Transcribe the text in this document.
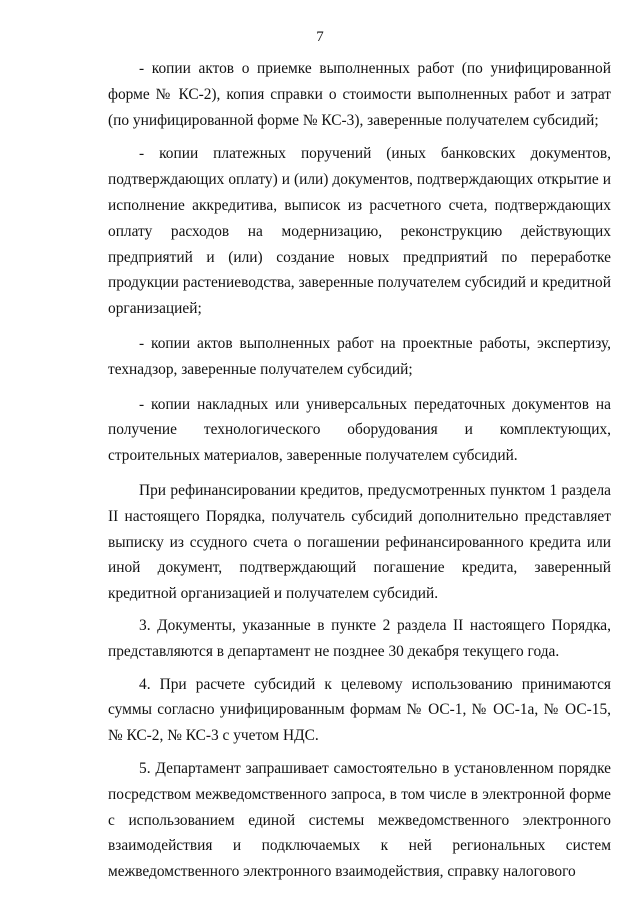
7

- копии актов о приемке выполненных работ (по унифицированной форме № КС-2), копия справки о стоимости выполненных работ и затрат (по унифицированной форме № КС-3), заверенные получателем субсидий;

- копии платежных поручений (иных банковских документов, подтверждающих оплату) и (или) документов, подтверждающих открытие и исполнение аккредитива, выписок из расчетного счета, подтверждающих оплату расходов на модернизацию, реконструкцию действующих предприятий и (или) создание новых предприятий по переработке продукции растениеводства, заверенные получателем субсидий и кредитной организацией;

- копии актов выполненных работ на проектные работы, экспертизу, технадзор, заверенные получателем субсидий;

- копии накладных или универсальных передаточных документов на получение технологического оборудования и комплектующих, строительных материалов, заверенные получателем субсидий.

При рефинансировании кредитов, предусмотренных пунктом 1 раздела II настоящего Порядка, получатель субсидий дополнительно представляет выписку из ссудного счета о погашении рефинансированного кредита или иной документ, подтверждающий погашение кредита, заверенный кредитной организацией и получателем субсидий.

3. Документы, указанные в пункте 2 раздела II настоящего Порядка, представляются в департамент не позднее 30 декабря текущего года.

4. При расчете субсидий к целевому использованию принимаются суммы согласно унифицированным формам № ОС-1, № ОС-1а, № ОС-15, № КС-2, № КС-3 с учетом НДС.

5. Департамент запрашивает самостоятельно в установленном порядке посредством межведомственного запроса, в том числе в электронной форме с использованием единой системы межведомственного электронного взаимодействия и подключаемых к ней региональных систем межведомственного электронного взаимодействия, справку налогового
